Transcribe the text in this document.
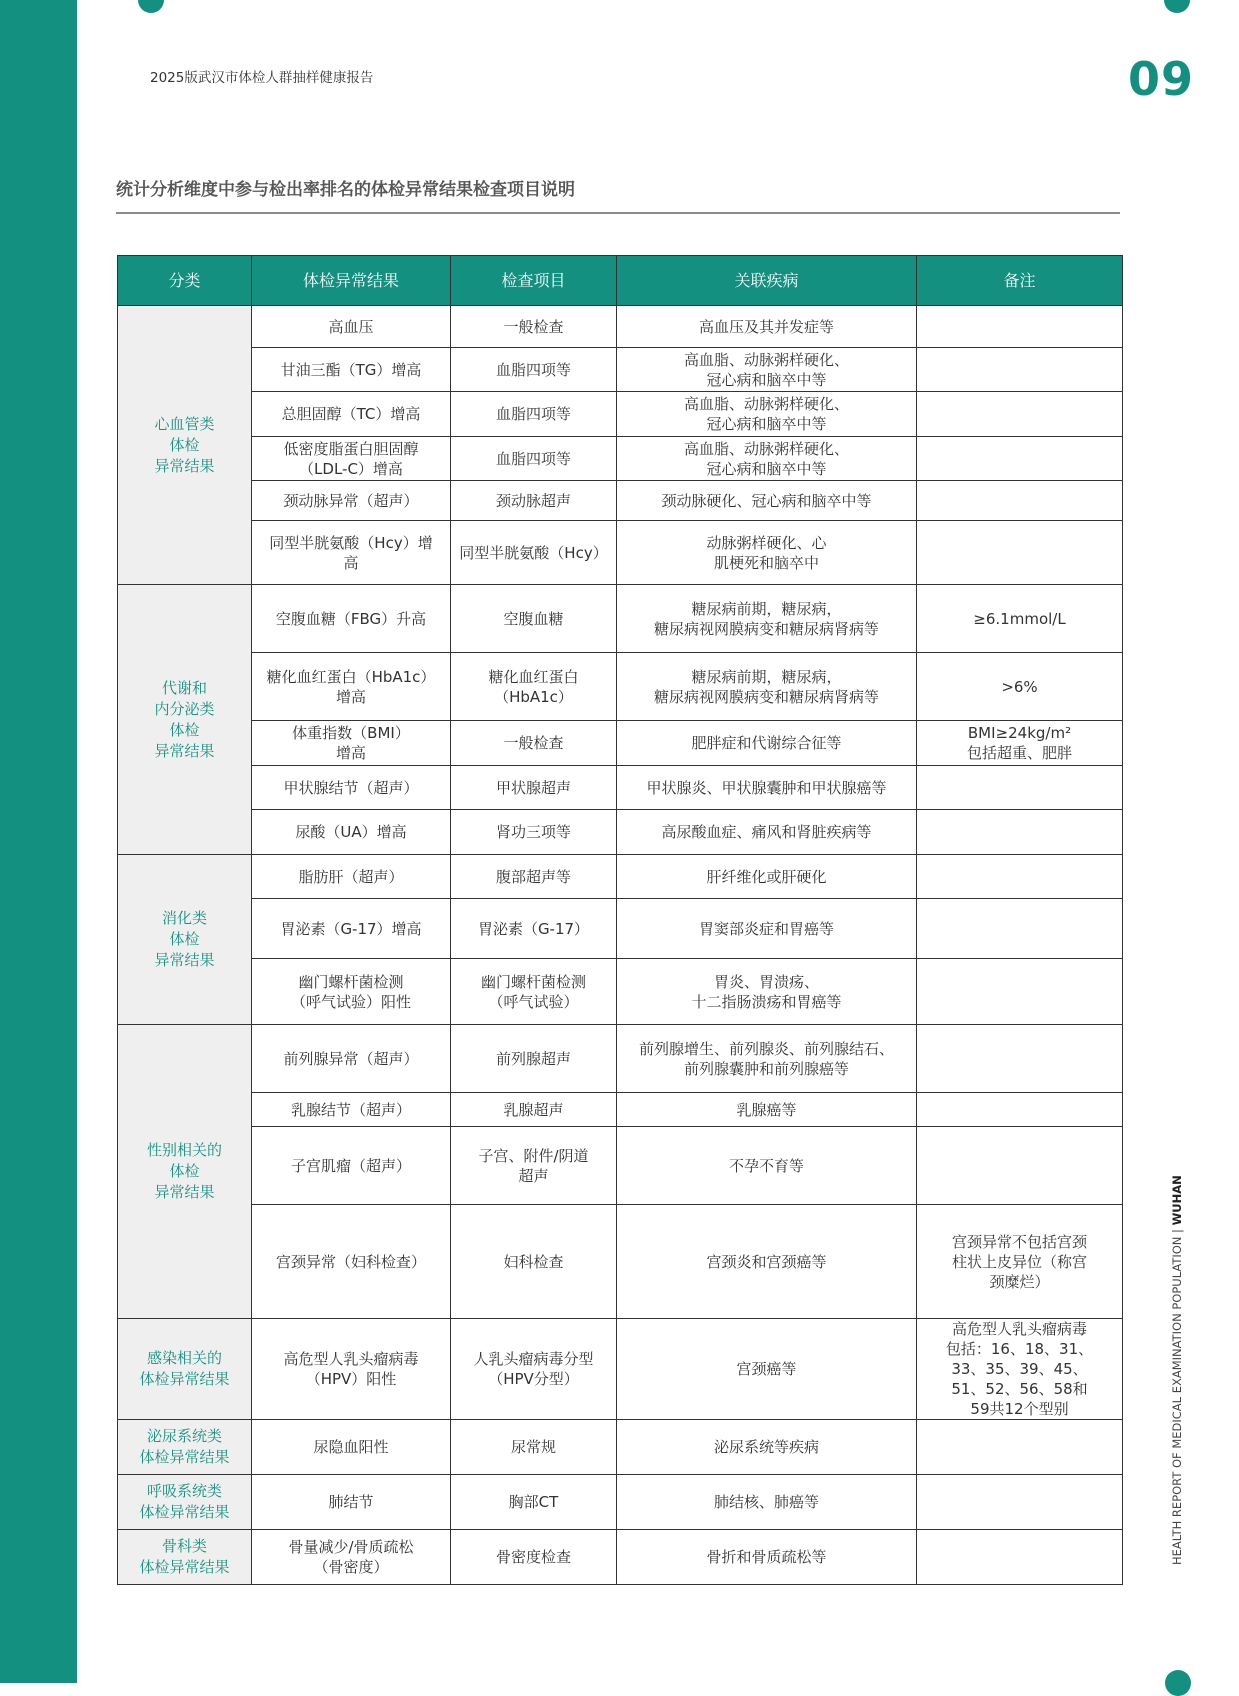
2025版武汉市体检人群抽样健康报告	09
统计分析维度中参与检出率排名的体检异常结果检查项目说明
HEALTH REPORT OF MEDICAL EXAMINATION POPULATION | WUHAN
分类	体检异常结果	检查项目	关联疾病	备注

心血管类
体检
异常结果	高血压	一般检查	高血压及其并发症等	

	甘油三酯（TG）增高	血脂四项等	高血脂、动脉粥样硬化、
冠心病和脑卒中等	

	总胆固醇（TC）增高	血脂四项等	高血脂、动脉粥样硬化、
冠心病和脑卒中等	

	低密度脂蛋白胆固醇
（LDL-C）增高	血脂四项等	高血脂、动脉粥样硬化、
冠心病和脑卒中等	

	颈动脉异常（超声）	颈动脉超声	颈动脉硬化、冠心病和脑卒中等	

	同型半胱氨酸（Hcy）增
高	同型半胱氨酸（Hcy）	动脉粥样硬化、心
肌梗死和脑卒中	

代谢和
内分泌类
体检
异常结果	空腹血糖（FBG）升高	空腹血糖	糖尿病前期，糖尿病，
糖尿病视网膜病变和糖尿病肾病等	≥6.1mmol/L

	糖化血红蛋白（HbA1c）
增高	糖化血红蛋白
（HbA1c）	糖尿病前期，糖尿病，
糖尿病视网膜病变和糖尿病肾病等	>6%

	体重指数（BMI）
增高	一般检查	肥胖症和代谢综合征等	BMI≥24kg/m²
包括超重、肥胖

	甲状腺结节（超声）	甲状腺超声	甲状腺炎、甲状腺囊肿和甲状腺癌等	

	尿酸（UA）增高	肾功三项等	高尿酸血症、痛风和肾脏疾病等	

消化类
体检
异常结果	脂肪肝（超声）	腹部超声等	肝纤维化或肝硬化	

	胃泌素（G-17）增高	胃泌素（G-17）	胃窦部炎症和胃癌等	

	幽门螺杆菌检测
（呼气试验）阳性	幽门螺杆菌检测
（呼气试验）	胃炎、胃溃疡、
十二指肠溃疡和胃癌等	

性别相关的
体检
异常结果	前列腺异常（超声）	前列腺超声	前列腺增生、前列腺炎、前列腺结石、
前列腺囊肿和前列腺癌等	

	乳腺结节（超声）	乳腺超声	乳腺癌等	

	子宫肌瘤（超声）	子宫、附件/阴道
超声	不孕不育等	

	宫颈异常（妇科检查）	妇科检查	宫颈炎和宫颈癌等	宫颈异常不包括宫颈
柱状上皮异位（称宫
颈糜烂）

感染相关的
体检异常结果	高危型人乳头瘤病毒
（HPV）阳性	人乳头瘤病毒分型
（HPV分型）	宫颈癌等	高危型人乳头瘤病毒
包括：16、18、31、
33、35、39、45、
51、52、56、58和
59共12个型别

泌尿系统类
体检异常结果	尿隐血阳性	尿常规	泌尿系统等疾病	

呼吸系统类
体检异常结果	肺结节	胸部CT	肺结核、肺癌等	

骨科类
体检异常结果	骨量减少/骨质疏松
（骨密度）	骨密度检查	骨折和骨质疏松等	
